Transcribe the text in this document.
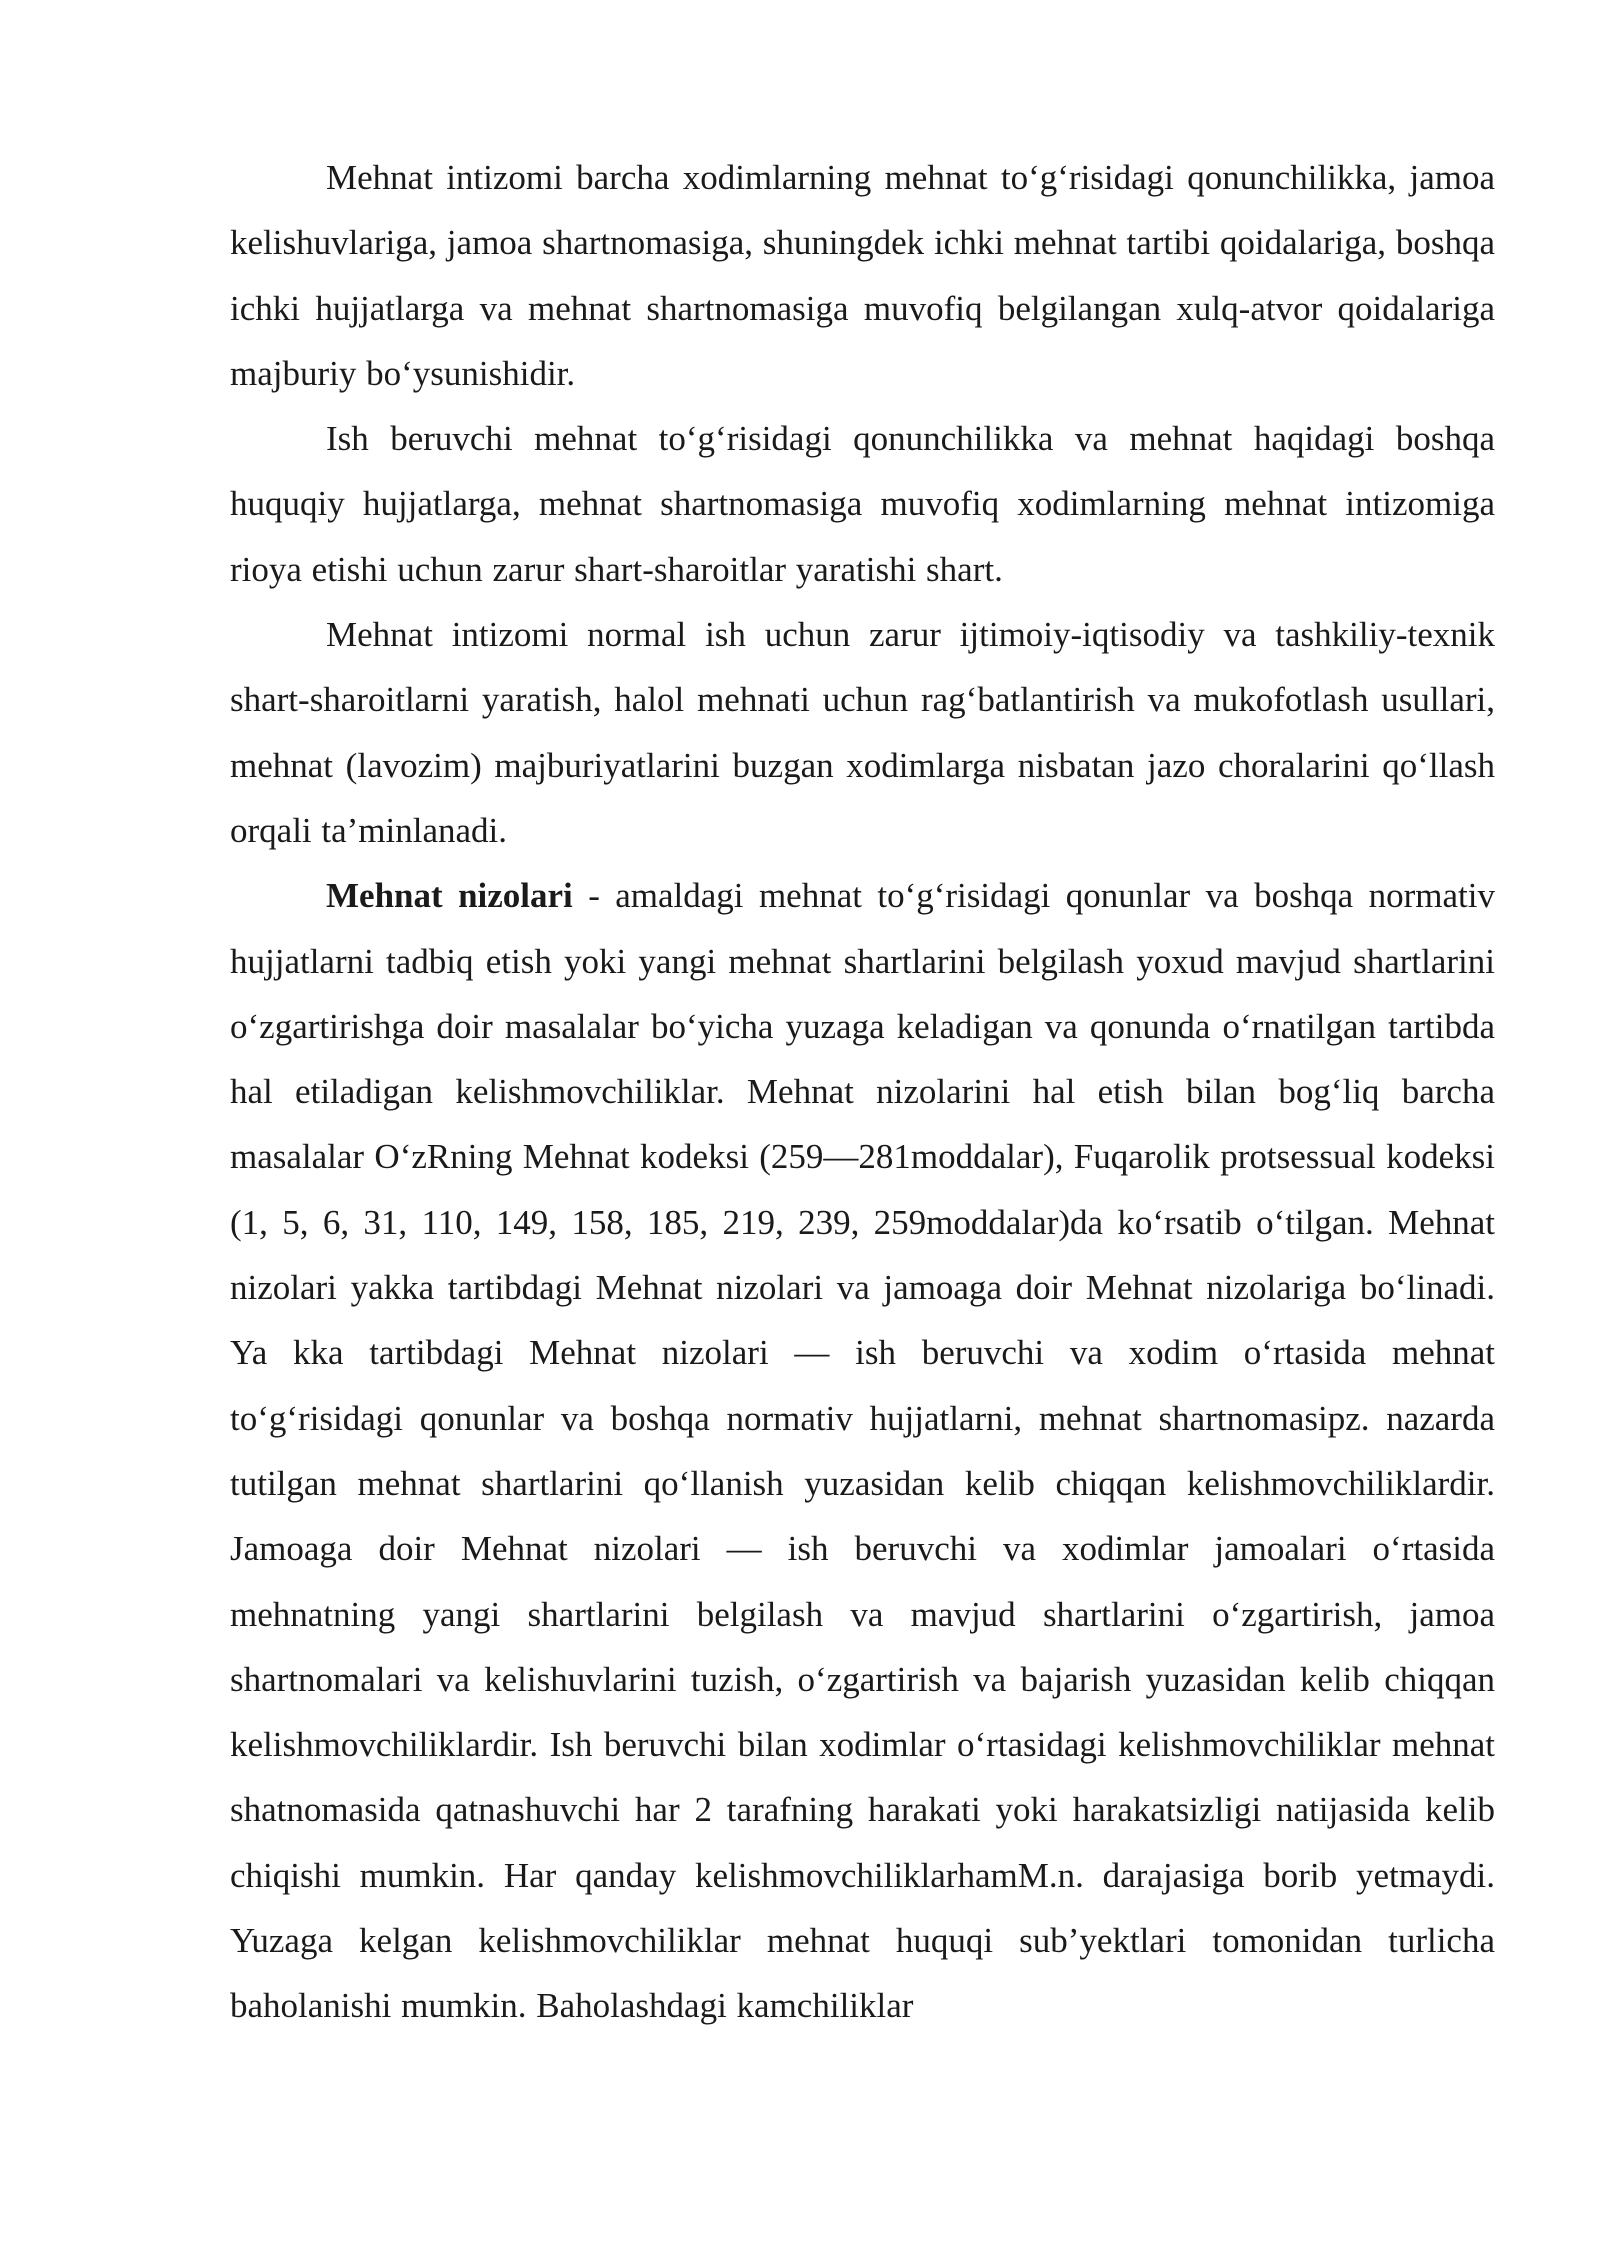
Mehnat intizomi barcha xodimlarning mehnat to‘g‘risidagi qonunchilikka, jamoa kelishuvlariga, jamoa shartnomasiga, shuningdek ichki mehnat tartibi qoidalariga, boshqa ichki hujjatlarga va mehnat shartnomasiga muvofiq belgilangan xulq-atvor qoidalariga majburiy bo‘ysunishidir.

Ish beruvchi mehnat to‘g‘risidagi qonunchilikka va mehnat haqidagi boshqa huquqiy hujjatlarga, mehnat shartnomasiga muvofiq xodimlarning mehnat intizomiga rioya etishi uchun zarur shart-sharoitlar yaratishi shart.

Mehnat intizomi normal ish uchun zarur ijtimoiy-iqtisodiy va tashkiliy-texnik shart-sharoitlarni yaratish, halol mehnati uchun rag‘batlantirish va mukofotlash usullari, mehnat (lavozim) majburiyatlarini buzgan xodimlarga nisbatan jazo choralarini qo‘llash orqali ta’minlanadi.

Mehnat nizolari - amaldagi mehnat to‘g‘risidagi qonunlar va boshqa normativ hujjatlarni tadbiq etish yoki yangi mehnat shartlarini belgilash yoxud mavjud shartlarini o‘zgartirishga doir masalalar bo‘yicha yuzaga keladigan va qonunda o‘rnatilgan tartibda hal etiladigan kelishmovchiliklar. Mehnat nizolarini hal etish bilan bog‘liq barcha masalalar O‘zRning Mehnat kodeksi (259—281moddalar), Fuqarolik protsessual kodeksi (1, 5, 6, 31, 110, 149, 158, 185, 219, 239, 259moddalar)da ko‘rsatib o‘tilgan. Mehnat nizolari yakka tartibdagi Mehnat nizolari va jamoaga doir Mehnat nizolariga bo‘linadi. Ya kka tartibdagi Mehnat nizolari — ish beruvchi va xodim o‘rtasida mehnat to‘g‘risidagi qonunlar va boshqa normativ hujjatlarni, mehnat shartnomasipz. nazarda tutilgan mehnat shartlarini qo‘llanish yuzasidan kelib chiqqan kelishmovchiliklardir. Jamoaga doir Mehnat nizolari — ish beruvchi va xodimlar jamoalari o‘rtasida mehnatning yangi shartlarini belgilash va mavjud shartlarini o‘zgartirish, jamoa shartnomalari va kelishuvlarini tuzish, o‘zgartirish va bajarish yuzasidan kelib chiqqan kelishmovchiliklardir. Ish beruvchi bilan xodimlar o‘rtasidagi kelishmovchiliklar mehnat shatnomasida qatnashuvchi har 2 tarafning harakati yoki harakatsizligi natijasida kelib chiqishi mumkin. Har qanday kelishmovchiliklarhamM.n. darajasiga borib yetmaydi. Yuzaga kelgan kelishmovchiliklar mehnat huquqi sub’yektlari tomonidan turlicha baholanishi mumkin. Baholashdagi kamchiliklar
